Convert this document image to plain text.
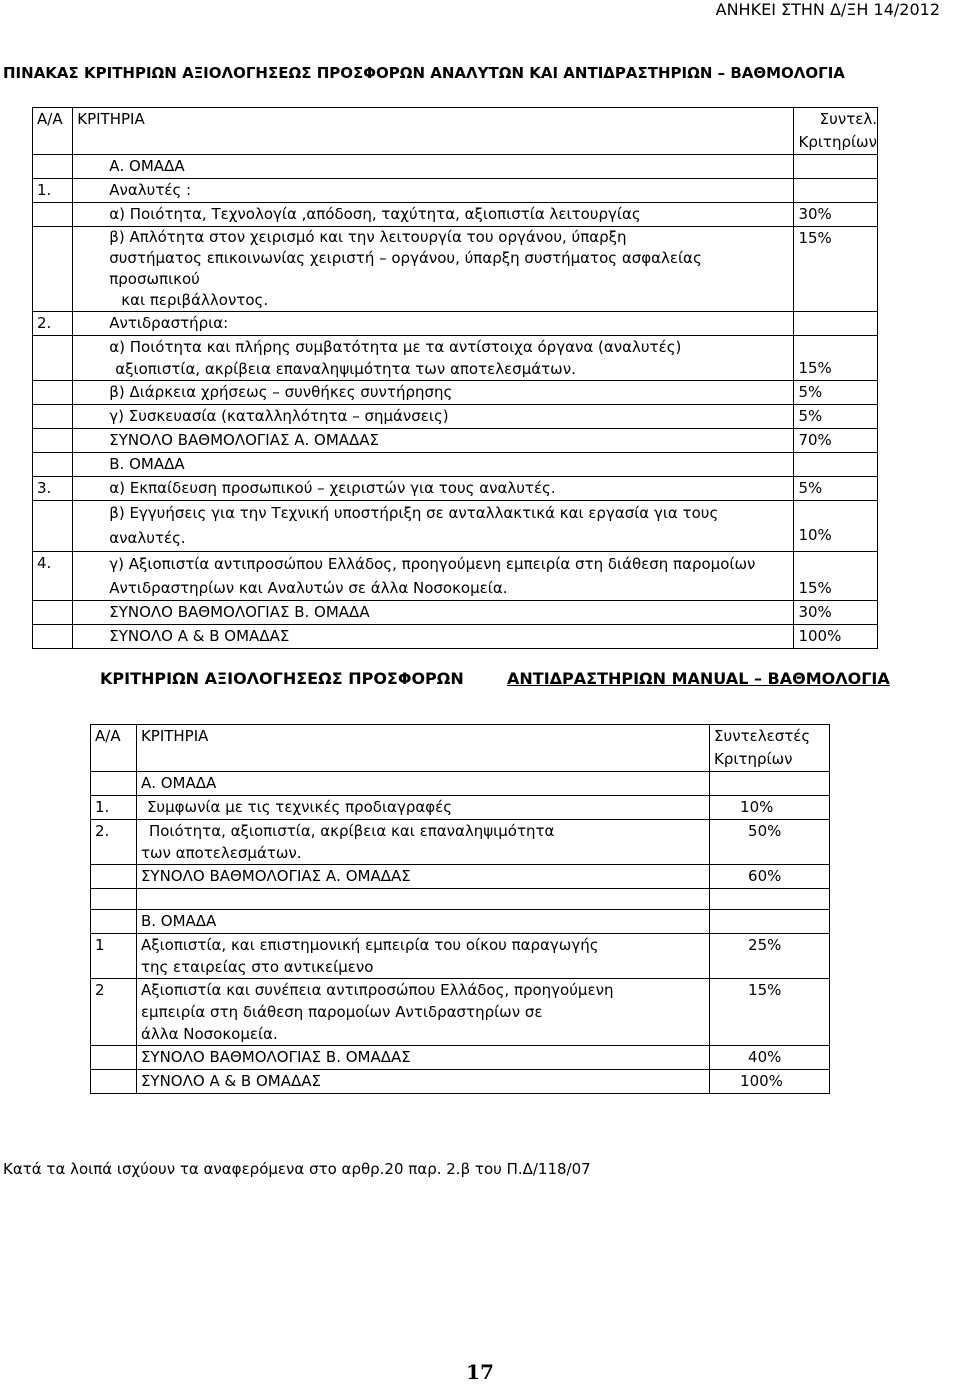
ΑΝΗΚΕΙ ΣΤΗΝ Δ/ΞΗ 14/2012
ΠΙΝΑΚΑΣ ΚΡΙΤΗΡΙΩΝ ΑΞΙΟΛΟΓΗΣΕΩΣ ΠΡΟΣΦΟΡΩΝ ΑΝΑΛΥΤΩΝ ΚΑΙ ΑΝΤΙΔΡΑΣΤΗΡΙΩΝ – ΒΑΘΜΟΛΟΓΙΑ
Α/Α	ΚΡΙΤΗΡΙΑ	Συντελ.
Κριτηρίων

	Α. ΟΜΑΔΑ	
1.	Αναλυτές :	
	α) Ποιότητα, Τεχνολογία ,απόδοση, ταχύτητα, αξιοπιστία λειτουργίας	30%

	β) Απλότητα στον χειρισμό και την λειτουργία του οργάνου, ύπαρξη
συστήματος επικοινωνίας χειριστή – οργάνου, ύπαρξη συστήματος ασφαλείας προσωπικού
και περιβάλλοντος.	15%
2.	Αντιδραστήρια:	

	α) Ποιότητα και πλήρης συμβατότητα με τα αντίστοιχα όργανα (αναλυτές)
αξιοπιστία, ακρίβεια επαναληψιμότητα των αποτελεσμάτων.	15%
	β) Διάρκεια χρήσεως – συνθήκες συντήρησης	5%
	γ) Συσκευασία (καταλληλότητα – σημάνσεις)	5%
	ΣΥΝΟΛΟ ΒΑΘΜΟΛΟΓΙΑΣ Α. ΟΜΑΔΑΣ	70%
	Β. ΟΜΑΔΑ	
3.	α) Εκπαίδευση προσωπικού – χειριστών για τους αναλυτές.	5%
	β) Εγγυήσεις για την Τεχνική υποστήριξη σε ανταλλακτικά και εργασία για τους αναλυτές.	10%
4.	γ) Αξιοπιστία αντιπροσώπου Ελλάδος, προηγούμενη εμπειρία στη διάθεση παρομοίων
Αντιδραστηρίων και Αναλυτών σε άλλα Νοσοκομεία.	15%
	ΣΥΝΟΛΟ ΒΑΘΜΟΛΟΓΙΑΣ Β. ΟΜΑΔΑ	30%
	ΣΥΝΟΛΟ Α & Β ΟΜΑΔΑΣ	100%
ΚΡΙΤΗΡΙΩΝ ΑΞΙΟΛΟΓΗΣΕΩΣ ΠΡΟΣΦΟΡΩΝ	ΑΝΤΙΔΡΑΣΤΗΡΙΩΝ MANUAL – ΒΑΘΜΟΛΟΓΙΑ
Α/Α	ΚΡΙΤΗΡΙΑ	Συντελεστές
Κριτηρίων

	Α. ΟΜΑΔΑ	
1.	Συμφωνία με τις τεχνικές προδιαγραφές	10%
2.	Ποιότητα, αξιοπιστία, ακρίβεια και επαναληψιμότητα
των αποτελεσμάτων.	50%
	ΣΥΝΟΛΟ ΒΑΘΜΟΛΟΓΙΑΣ Α. ΟΜΑΔΑΣ	60%

	Β. ΟΜΑΔΑ	
1	Αξιοπιστία, και επιστημονική εμπειρία του οίκου παραγωγής
της εταιρείας στο αντικείμενο	25%
2	Αξιοπιστία και συνέπεια αντιπροσώπου Ελλάδος, προηγούμενη
εμπειρία στη διάθεση παρομοίων Αντιδραστηρίων σε
άλλα Νοσοκομεία.	15%
	ΣΥΝΟΛΟ ΒΑΘΜΟΛΟΓΙΑΣ Β. ΟΜΑΔΑΣ	40%
	ΣΥΝΟΛΟ Α & Β ΟΜΑΔΑΣ	100%
Κατά τα λοιπά ισχύουν τα αναφερόμενα στο αρθρ.20 παρ. 2.β του Π.Δ/118/07
17
